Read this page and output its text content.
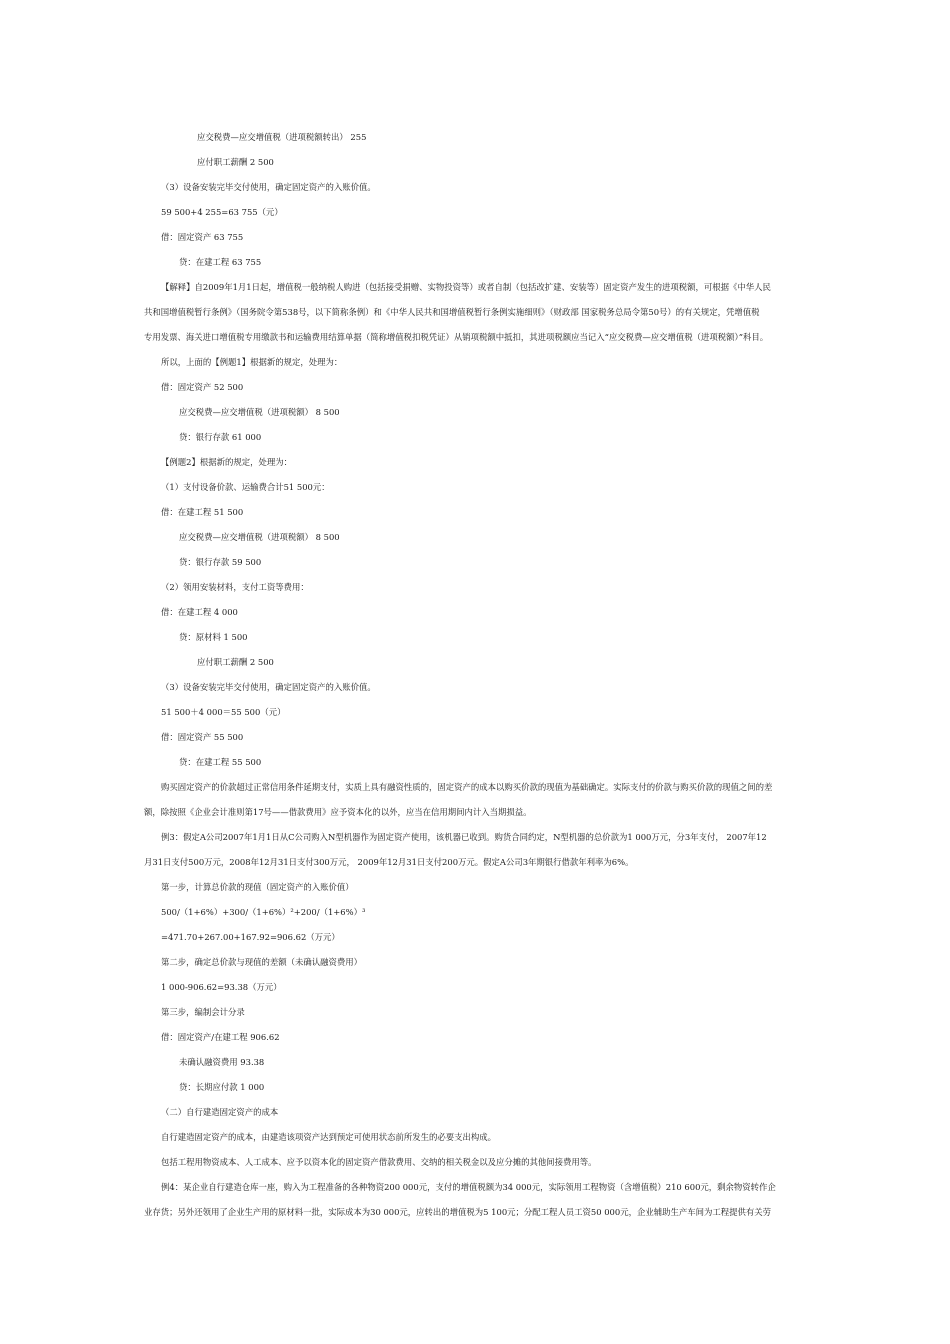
应交税费—应交增值税（进项税额转出） 255
应付职工薪酬 2 500
（3）设备安装完毕交付使用，确定固定资产的入账价值。
59 500+4 255=63 755（元）
借：固定资产 63 755
贷：在建工程 63 755
【解释】自2009年1月1日起，增值税一般纳税人购进（包括接受捐赠、实物投资等）或者自制（包括改扩建、安装等）固定资产发生的进项税额，可根据《中华人民
共和国增值税暂行条例》（国务院令第538号，以下简称条例）和《中华人民共和国增值税暂行条例实施细则》（财政部 国家税务总局令第50号）的有关规定，凭增值税
专用发票、海关进口增值税专用缴款书和运输费用结算单据（简称增值税扣税凭证）从销项税额中抵扣，其进项税额应当记入“应交税费—应交增值税（进项税额）”科目。
所以，上面的【例题1】根据新的规定，处理为：
借：固定资产 52 500
应交税费—应交增值税（进项税额） 8 500
贷：银行存款 61 000
【例题2】根据新的规定，处理为：
（1）支付设备价款、运输费合计51 500元：
借：在建工程 51 500
应交税费—应交增值税（进项税额） 8 500
贷：银行存款 59 500
（2）领用安装材料，支付工资等费用：
借：在建工程 4 000
贷：原材料 1 500
应付职工薪酬 2 500
（3）设备安装完毕交付使用，确定固定资产的入账价值。
51 500＋4 000＝55 500（元）
借：固定资产 55 500
贷：在建工程 55 500
购买固定资产的价款超过正常信用条件延期支付，实质上具有融资性质的，固定资产的成本以购买价款的现值为基础确定。实际支付的价款与购买价款的现值之间的差
额，除按照《企业会计准则第17号——借款费用》应予资本化的以外，应当在信用期间内计入当期损益。
例3：假定A公司2007年1月1日从C公司购入N型机器作为固定资产使用，该机器已收到。购货合同约定，N型机器的总价款为1 000万元，分3年支付， 2007年12
月31日支付500万元，2008年12月31日支付300万元， 2009年12月31日支付200万元。假定A公司3年期银行借款年利率为6%。
第一步，计算总价款的现值（固定资产的入账价值）
500/（1+6%）+300/（1+6%）²+200/（1+6%）³
=471.70+267.00+167.92=906.62（万元）
第二步，确定总价款与现值的差额（未确认融资费用）
1 000-906.62=93.38（万元）
第三步，编制会计分录
借：固定资产/在建工程 906.62
未确认融资费用 93.38
贷：长期应付款 1 000
（二）自行建造固定资产的成本
自行建造固定资产的成本，由建造该项资产达到预定可使用状态前所发生的必要支出构成。
包括工程用物资成本、人工成本、应予以资本化的固定资产借款费用、交纳的相关税金以及应分摊的其他间接费用等。
例4：某企业自行建造仓库一座，购入为工程准备的各种物资200 000元，支付的增值税额为34 000元，实际领用工程物资（含增值税）210 600元，剩余物资转作企
业存货；另外还领用了企业生产用的原材料一批，实际成本为30 000元，应转出的增值税为5 100元；分配工程人员工资50 000元，企业辅助生产车间为工程提供有关劳
